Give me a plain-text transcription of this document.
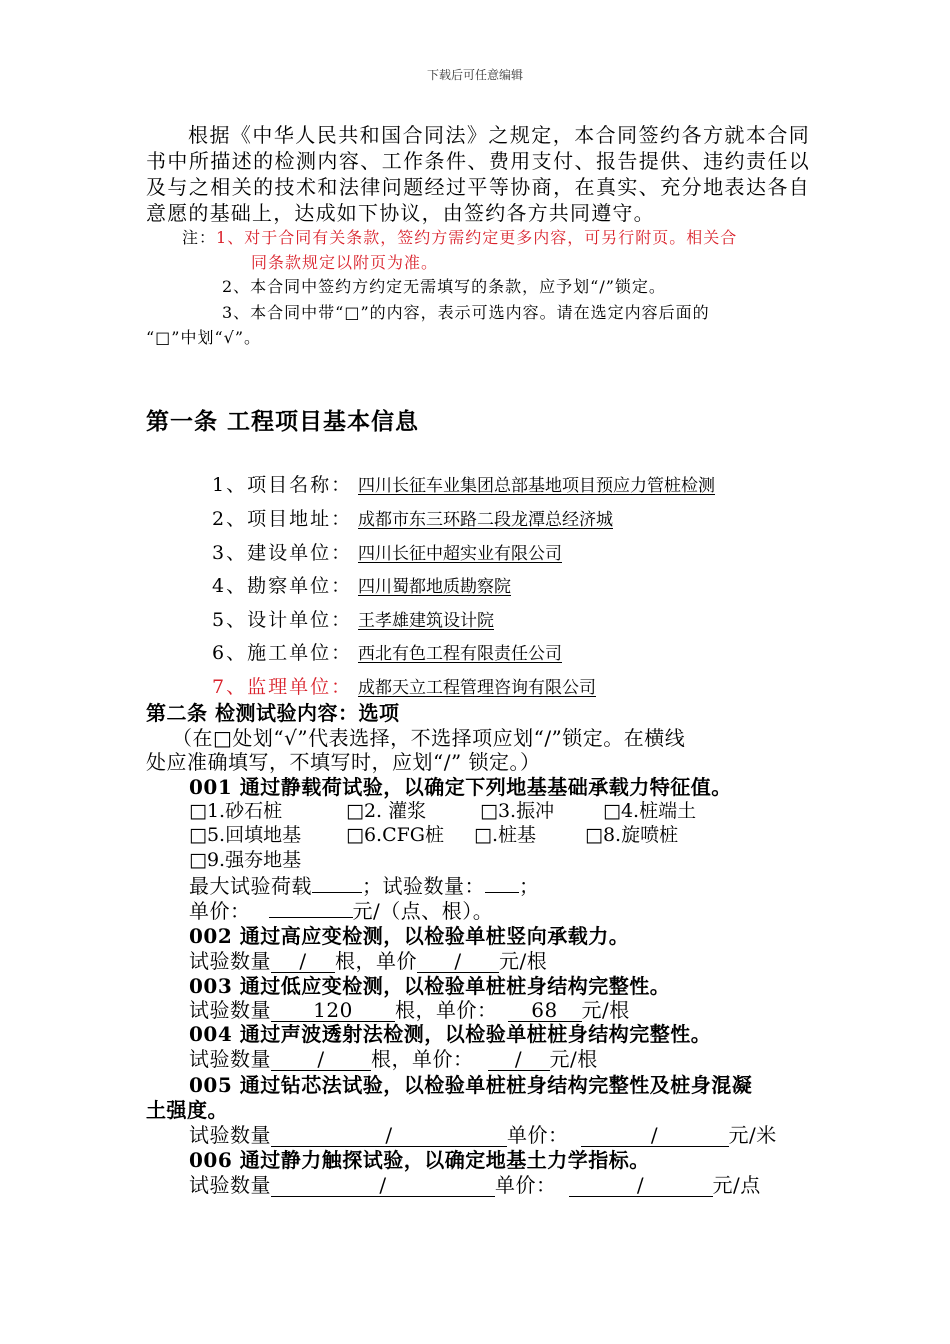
下载后可任意编辑
根据《中华人民共和国合同法》之规定，本合同签约各方就本合同书中所描述的检测内容、工作条件、费用支付、报告提供、违约责任以及与之相关的技术和法律问题经过平等协商，在真实、充分地表达各自意愿的基础上，达成如下协议，由签约各方共同遵守。
注：1、对于合同有关条款，签约方需约定更多内容，可另行附页。相关合
同条款规定以附页为准。
2、本合同中签约方约定无需填写的条款，应予划“/”锁定。
3、本合同中带“□”的内容，表示可选内容。请在选定内容后面的
“□”中划“√”。
第一条 工程项目基本信息
1、项目名称： 四川长征车业集团总部基地项目预应力管桩检测
2、项目地址： 成都市东三环路二段龙潭总经济城
3、建设单位： 四川长征中超实业有限公司
4、勘察单位： 四川蜀都地质勘察院
5、设计单位： 王孝雄建筑设计院
6、施工单位： 西北有色工程有限责任公司
7、监理单位： 成都天立工程管理咨询有限公司
第二条 检测试验内容：选项
（在□处划“√”代表选择，不选择项应划“/”锁定。在横线
处应准确填写，不填写时，应划“/” 锁定。）
001 通过静载荷试验，以确定下列地基基础承载力特征值。
□1.砂石桩	□2. 灌浆	□3.振冲	□4.桩端土
□5.回填地基 □6.CFG桩 □.桩基	□8.旋喷桩
□9.强夯地基
最大试验荷载	；试验数量： ；
单价：	元/（点、根）。
002 通过高应变检测，以检验单桩竖向承载力。
试验数量 / 根，单价 / 元/根
003 通过低应变检测，以检验单桩桩身结构完整性。
试验数量 120 根，单价： 68 元/根
004 通过声波透射法检测，以检验单桩桩身结构完整性。
试验数量 / 根，单价： / 元/根
005 通过钻芯法试验，以检验单桩桩身结构完整性及桩身混凝
土强度。
试验数量	/	单价：	/	元/米
006 通过静力触探试验，以确定地基土力学指标。
试验数量	/	单价：	/	元/点
